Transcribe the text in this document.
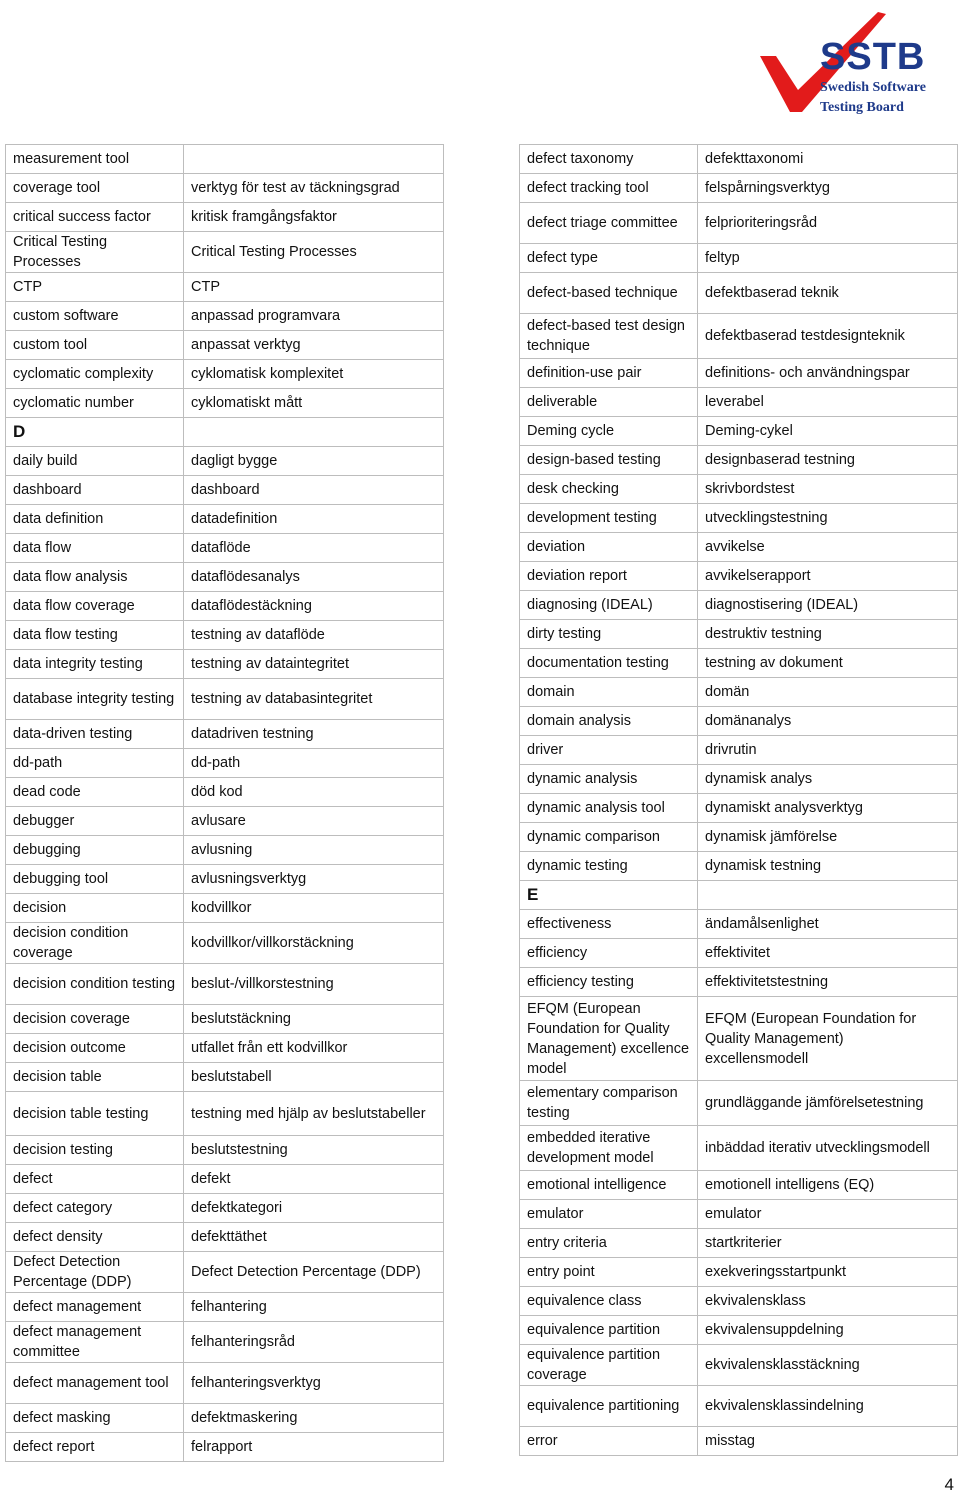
SSTB
Swedish Software
Testing Board
measurement tool	
coverage tool	verktyg för test av täckningsgrad
critical success factor	kritisk framgångsfaktor
Critical Testing Processes	Critical Testing Processes
CTP	CTP
custom software	anpassad programvara
custom tool	anpassat verktyg
cyclomatic complexity	cyklomatisk komplexitet
cyclomatic number	cyklomatiskt mått
D	
daily build	dagligt bygge
dashboard	dashboard
data definition	datadefinition
data flow	dataflöde
data flow analysis	dataflödesanalys
data flow coverage	dataflödestäckning
data flow testing	testning av dataflöde
data integrity testing	testning av dataintegritet
database integrity testing	testning av databasintegritet
data-driven testing	datadriven testning
dd-path	dd-path
dead code	död kod
debugger	avlusare
debugging	avlusning
debugging tool	avlusningsverktyg
decision	kodvillkor
decision condition coverage	kodvillkor/villkorstäckning
decision condition testing	beslut-/villkorstestning
decision coverage	beslutstäckning
decision outcome	utfallet från ett kodvillkor
decision table	beslutstabell
decision table testing	testning med hjälp av beslutstabeller
decision testing	beslutstestning
defect	defekt
defect category	defektkategori
defect density	defekttäthet
Defect Detection Percentage (DDP)	Defect Detection Percentage (DDP)
defect management	felhantering
defect management committee	felhanteringsråd
defect management tool	felhanteringsverktyg
defect masking	defektmaskering
defect report	felrapport
defect taxonomy	defekttaxonomi
defect tracking tool	felspårningsverktyg
defect triage committee	felprioriteringsråd
defect type	feltyp
defect-based technique	defektbaserad teknik
defect-based test design technique	defektbaserad testdesignteknik
definition-use pair	definitions- och användningspar
deliverable	leverabel
Deming cycle	Deming-cykel
design-based testing	designbaserad testning
desk checking	skrivbordstest
development testing	utvecklingstestning
deviation	avvikelse
deviation report	avvikelserapport
diagnosing (IDEAL)	diagnostisering (IDEAL)
dirty testing	destruktiv testning
documentation testing	testning av dokument
domain	domän
domain analysis	domänanalys
driver	drivrutin
dynamic analysis	dynamisk analys
dynamic analysis tool	dynamiskt analysverktyg
dynamic comparison	dynamisk jämförelse
dynamic testing	dynamisk testning
E	
effectiveness	ändamålsenlighet
efficiency	effektivitet
efficiency testing	effektivitetstestning
EFQM (European Foundation for Quality Management) excellence model	EFQM (European Foundation for Quality Management) excellensmodell
elementary comparison testing	grundläggande jämförelsetestning
embedded iterative development model	inbäddad iterativ utvecklingsmodell
emotional intelligence	emotionell intelligens (EQ)
emulator	emulator
entry criteria	startkriterier
entry point	exekveringsstartpunkt
equivalence class	ekvivalensklass
equivalence partition	ekvivalensuppdelning
equivalence partition coverage	ekvivalensklasstäckning
equivalence partitioning	ekvivalensklassindelning
error	misstag
4
